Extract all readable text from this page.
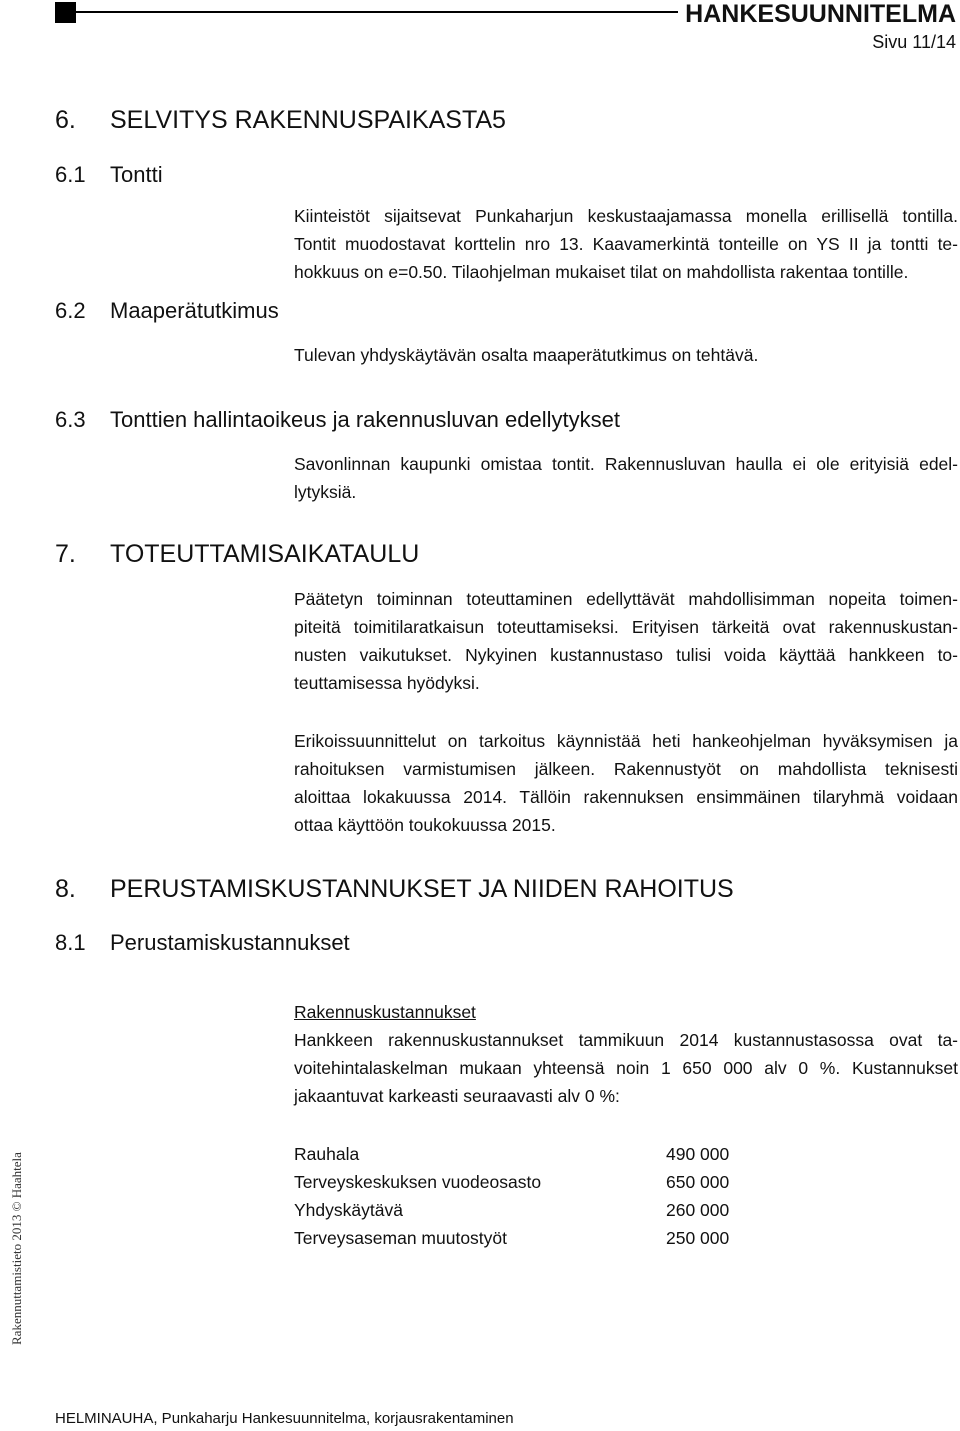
HANKESUUNNITELMA
Sivu 11/14
6. SELVITYS RAKENNUSPAIKASTA5
6.1 Tontti
Kiinteistöt sijaitsevat Punkaharjun keskustaajamassa monella erillisellä tontilla.
Tontit muodostavat korttelin nro 13. Kaavamerkintä tonteille on YS II ja tontti te-
hokkuus on e=0.50. Tilaohjelman mukaiset tilat on mahdollista rakentaa tontille.
6.2 Maaperätutkimus
Tulevan yhdyskäytävän osalta maaperätutkimus on tehtävä.
6.3 Tonttien hallintaoikeus ja rakennusluvan edellytykset
Savonlinnan kaupunki omistaa tontit. Rakennusluvan haulla ei ole erityisiä edel-
lytyksiä.
7. TOTEUTTAMISAIKATAULU
Päätetyn toiminnan toteuttaminen edellyttävät mahdollisimman nopeita toimen-
piteitä toimitilaratkaisun toteuttamiseksi. Erityisen tärkeitä ovat rakennuskustan-
nusten vaikutukset. Nykyinen kustannustaso tulisi voida käyttää hankkeen to-
teuttamisessa hyödyksi.
Erikoissuunnittelut on tarkoitus käynnistää heti hankeohjelman hyväksymisen ja
rahoituksen varmistumisen jälkeen. Rakennustyöt on mahdollista teknisesti
aloittaa lokakuussa 2014. Tällöin rakennuksen ensimmäinen tilaryhmä voidaan
ottaa käyttöön toukokuussa 2015.
8. PERUSTAMISKUSTANNUKSET JA NIIDEN RAHOITUS
8.1 Perustamiskustannukset
Rakennuskustannukset
Hankkeen rakennuskustannukset tammikuun 2014 kustannustasossa ovat ta-
voitehintalaskelman mukaan yhteensä noin 1 650 000 alv 0 %. Kustannukset
jakaantuvat karkeasti seuraavasti alv 0 %:
Rauhala	490 000
Terveyskeskuksen vuodeosasto	650 000
Yhdyskäytävä	260 000
Terveysaseman muutostyöt	250 000
Rakennuttamistieto 2013 © Haahtela
HELMINAUHA, Punkaharju Hankesuunnitelma, korjausrakentaminen
